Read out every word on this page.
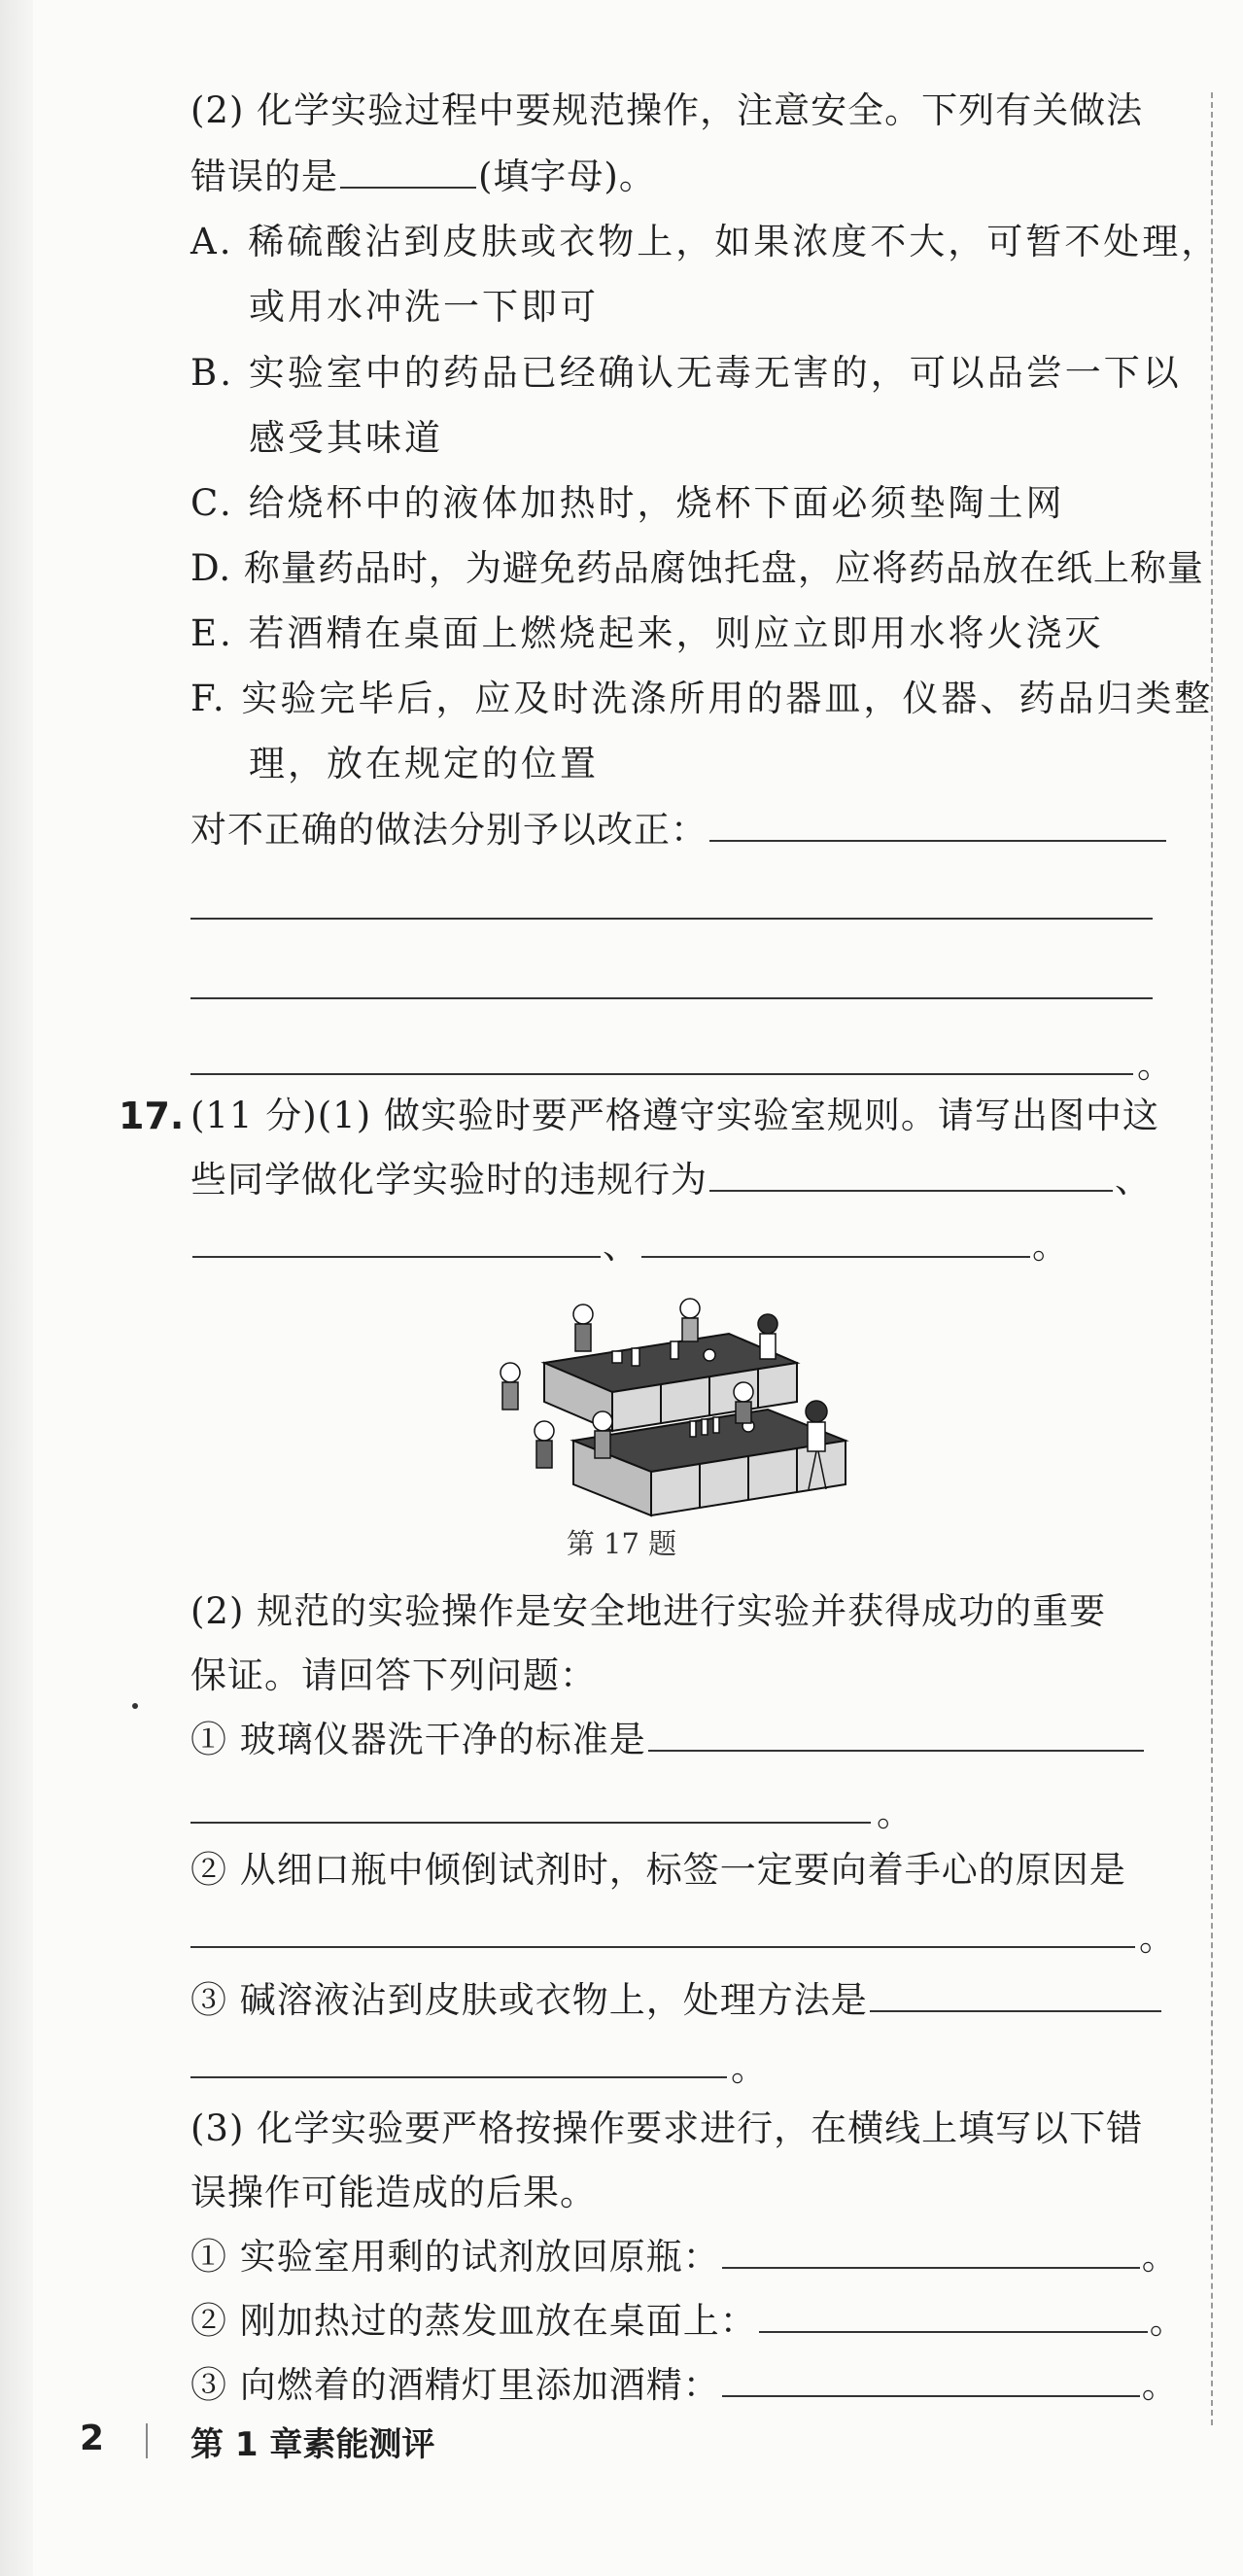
(2) 化学实验过程中要规范操作，注意安全。下列有关做法
错误的是	(填字母)。
A. 稀硫酸沾到皮肤或衣物上，如果浓度不大，可暂不处理，
或用水冲洗一下即可
B. 实验室中的药品已经确认无毒无害的，可以品尝一下以
感受其味道
C. 给烧杯中的液体加热时，烧杯下面必须垫陶土网
D. 称量药品时，为避免药品腐蚀托盘，应将药品放在纸上称量
E. 若酒精在桌面上燃烧起来，则应立即用水将火浇灭
F. 实验完毕后，应及时洗涤所用的器皿，仪器、药品归类整
理，放在规定的位置
对不正确的做法分别予以改正：
。
17. (11 分)(1) 做实验时要严格遵守实验室规则。请写出图中这
些同学做化学实验时的违规行为	、
、	。
第 17 题
(2) 规范的实验操作是安全地进行实验并获得成功的重要
保证。请回答下列问题：
① 玻璃仪器洗干净的标准是
。
② 从细口瓶中倾倒试剂时，标签一定要向着手心的原因是
。
③ 碱溶液沾到皮肤或衣物上，处理方法是
。
(3) 化学实验要严格按操作要求进行，在横线上填写以下错
误操作可能造成的后果。
① 实验室用剩的试剂放回原瓶：	。
② 刚加热过的蒸发皿放在桌面上：	。
③ 向燃着的酒精灯里添加酒精：	。
2	第 1 章素能测评
